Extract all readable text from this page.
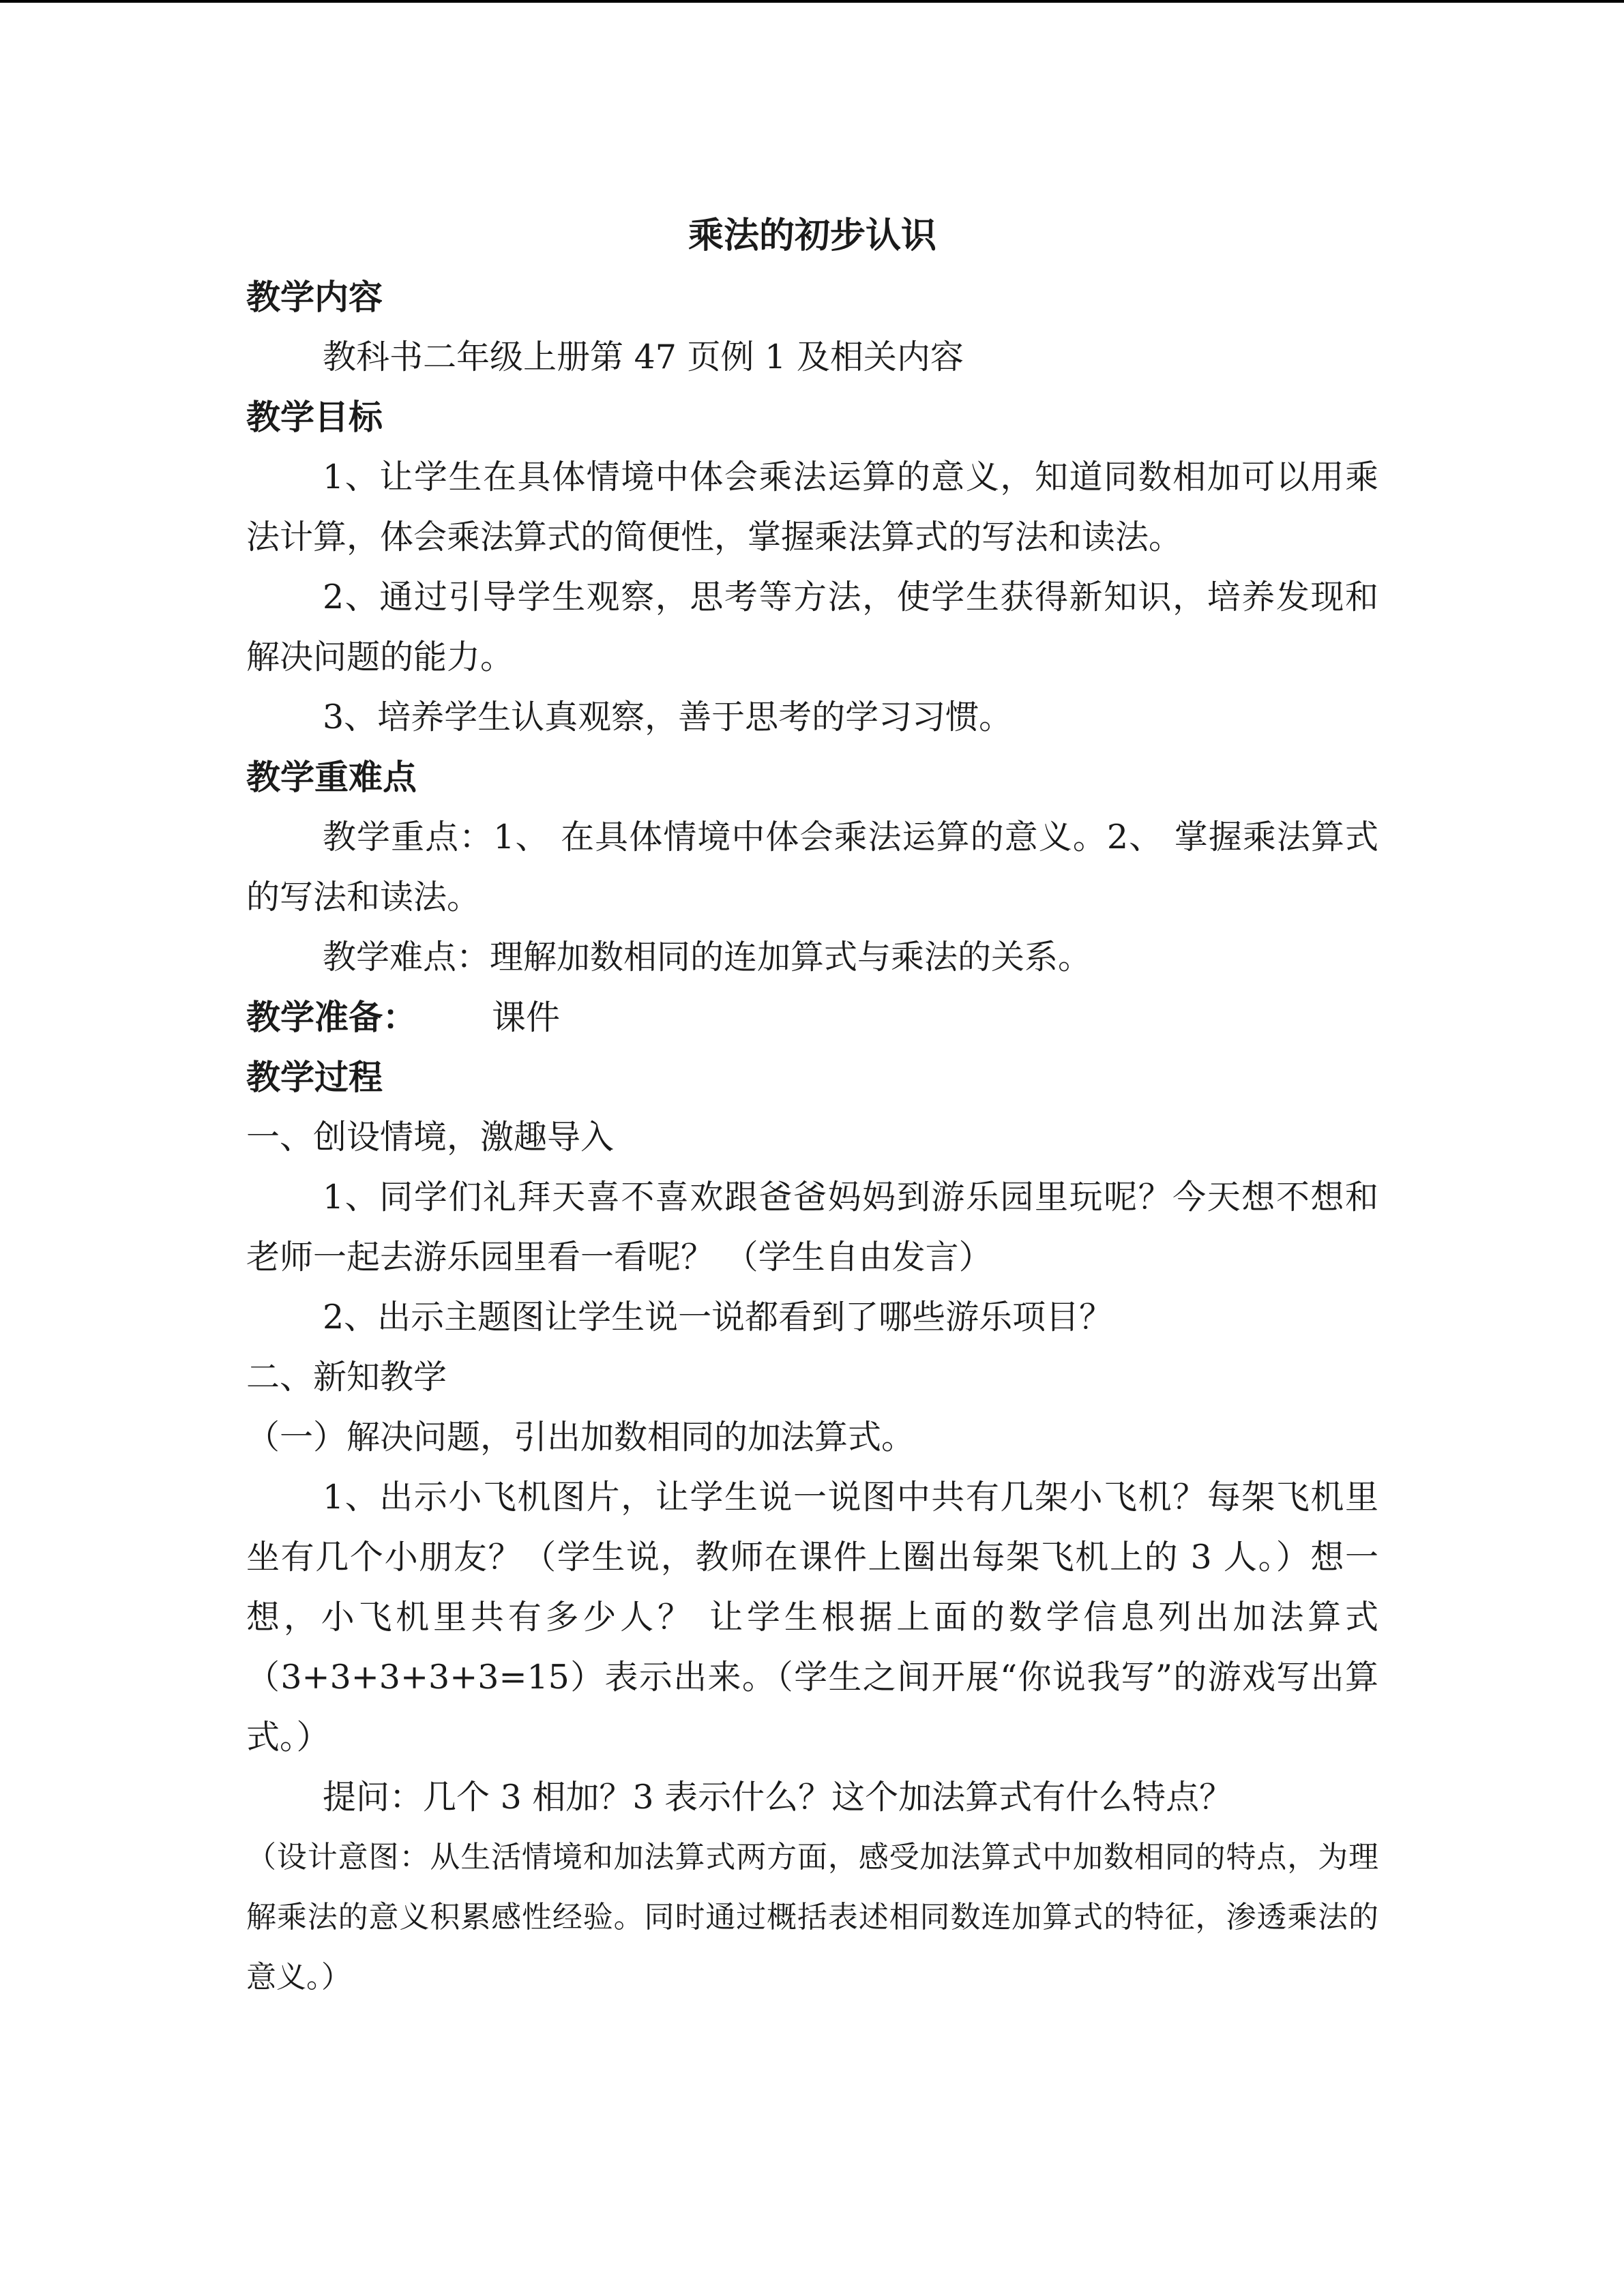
乘法的初步认识

教学内容

教科书二年级上册第 47 页例 1 及相关内容

教学目标

1、让学生在具体情境中体会乘法运算的意义，知道同数相加可以用乘法计算，体会乘法算式的简便性，掌握乘法算式的写法和读法。

2、通过引导学生观察，思考等方法，使学生获得新知识，培养发现和解决问题的能力。

3、培养学生认真观察，善于思考的学习习惯。

教学重难点

教学重点：1、 在具体情境中体会乘法运算的意义。2、 掌握乘法算式的写法和读法。

教学难点：理解加数相同的连加算式与乘法的关系。

教学准备： 课件

教学过程

一、创设情境，激趣导入

1、同学们礼拜天喜不喜欢跟爸爸妈妈到游乐园里玩呢？今天想不想和老师一起去游乐园里看一看呢？ （学生自由发言）

2、出示主题图让学生说一说都看到了哪些游乐项目？

二、新知教学

（一）解决问题，引出加数相同的加法算式。

1、出示小飞机图片，让学生说一说图中共有几架小飞机？每架飞机里坐有几个小朋友？（学生说，教师在课件上圈出每架飞机上的 3 人。）想一想，小飞机里共有多少人？ 让学生根据上面的数学信息列出加法算式（3+3+3+3+3=15）表示出来。（学生之间开展“你说我写”的游戏写出算式。）

提问：几个 3 相加？3 表示什么？这个加法算式有什么特点？

（设计意图：从生活情境和加法算式两方面，感受加法算式中加数相同的特点，为理解乘法的意义积累感性经验。同时通过概括表述相同数连加算式的特征，渗透乘法的意义。）
